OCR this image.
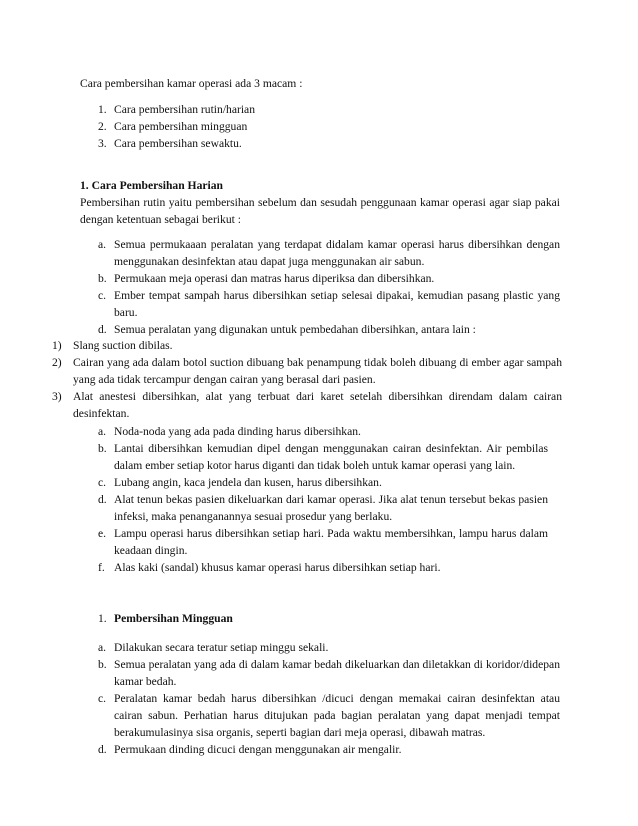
Cara pembersihan kamar operasi ada 3 macam :

1. Cara pembersihan rutin/harian
2. Cara pembersihan mingguan
3. Cara pembersihan sewaktu.

1. Cara Pembersihan Harian

Pembersihan rutin yaitu pembersihan sebelum dan sesudah penggunaan kamar operasi agar siap pakai dengan ketentuan sebagai berikut :

a. Semua permukaaan peralatan yang terdapat didalam kamar operasi harus dibersihkan dengan menggunakan desinfektan atau dapat juga menggunakan air sabun.
b. Permukaan meja operasi dan matras harus diperiksa dan dibersihkan.
c. Ember tempat sampah harus dibersihkan setiap selesai dipakai, kemudian pasang plastic yang baru.
d. Semua peralatan yang digunakan untuk pembedahan dibersihkan, antara lain :
1) Slang suction dibilas.
2) Cairan yang ada dalam botol suction dibuang bak penampung tidak boleh dibuang di ember agar sampah yang ada tidak tercampur dengan cairan yang berasal dari pasien.
3) Alat anestesi dibersihkan, alat yang terbuat dari karet setelah dibersihkan direndam dalam cairan desinfektan.
a. Noda-noda yang ada pada dinding harus dibersihkan.
b. Lantai dibersihkan kemudian dipel dengan menggunakan cairan desinfektan. Air pembilas dalam ember setiap kotor harus diganti dan tidak boleh untuk kamar operasi yang lain.
c. Lubang angin, kaca jendela dan kusen, harus dibersihkan.
d. Alat tenun bekas pasien dikeluarkan dari kamar operasi. Jika alat tenun tersebut bekas pasien infeksi, maka penanganannya sesuai prosedur yang berlaku.
e. Lampu operasi harus dibersihkan setiap hari. Pada waktu membersihkan, lampu harus dalam keadaan dingin.
f. Alas kaki (sandal) khusus kamar operasi harus dibersihkan setiap hari.
1. Pembersihan Mingguan
a. Dilakukan secara teratur setiap minggu sekali.
b. Semua peralatan yang ada di dalam kamar bedah dikeluarkan dan diletakkan di koridor/didepan kamar bedah.
c. Peralatan kamar bedah harus dibersihkan /dicuci dengan memakai cairan desinfektan atau cairan sabun. Perhatian harus ditujukan pada bagian peralatan yang dapat menjadi tempat berakumulasinya sisa organis, seperti bagian dari meja operasi, dibawah matras.
d. Permukaan dinding dicuci dengan menggunakan air mengalir.
